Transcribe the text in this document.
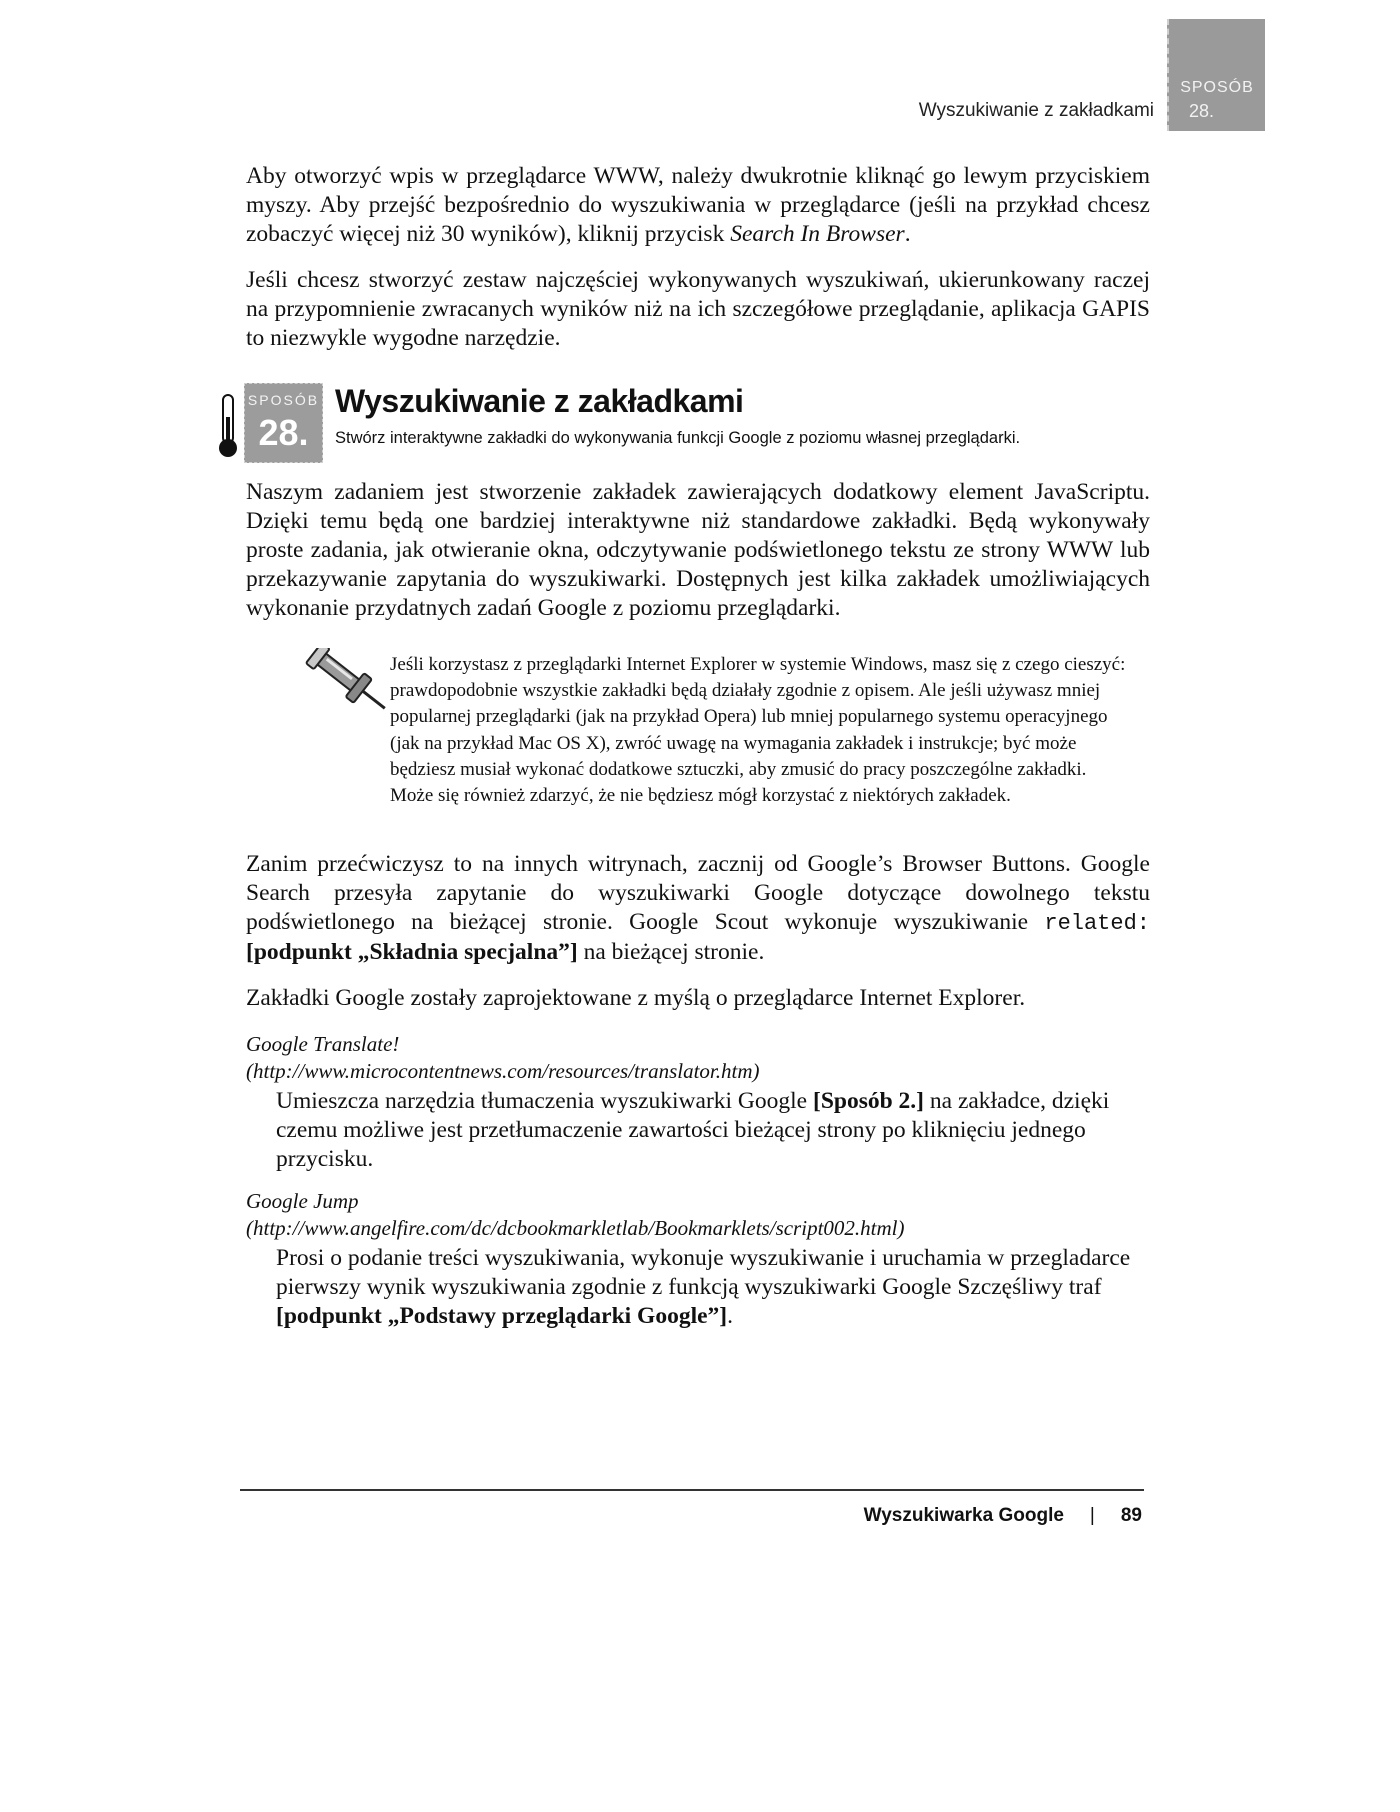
SPOSÓB
28.
Wyszukiwanie z zakładkami

Aby otworzyć wpis w przeglądarce WWW, należy dwukrotnie kliknąć go lewym przyciskiem myszy. Aby przejść bezpośrednio do wyszukiwania w przeglądarce (jeśli na przykład chcesz zobaczyć więcej niż 30 wyników), kliknij przycisk Search In Browser.

Jeśli chcesz stworzyć zestaw najczęściej wykonywanych wyszukiwań, ukierunkowany raczej na przypomnienie zwracanych wyników niż na ich szczegółowe przeglądanie, aplikacja GAPIS to niezwykle wygodne narzędzie.

SPOSÓB
28.
Wyszukiwanie z zakładkami
Stwórz interaktywne zakładki do wykonywania funkcji Google z poziomu własnej przeglądarki.

Naszym zadaniem jest stworzenie zakładek zawierających dodatkowy element JavaScriptu. Dzięki temu będą one bardziej interaktywne niż standardowe zakładki. Będą wykonywały proste zadania, jak otwieranie okna, odczytywanie podświetlonego tekstu ze strony WWW lub przekazywanie zapytania do wyszukiwarki. Dostępnych jest kilka zakładek umożliwiających wykonanie przydatnych zadań Google z poziomu przeglądarki.

Jeśli korzystasz z przeglądarki Internet Explorer w systemie Windows, masz się z czego cieszyć: prawdopodobnie wszystkie zakładki będą działały zgodnie z opisem. Ale jeśli używasz mniej popularnej przeglądarki (jak na przykład Opera) lub mniej popularnego systemu operacyjnego (jak na przykład Mac OS X), zwróć uwagę na wymagania zakładek i instrukcje; być może będziesz musiał wykonać dodatkowe sztuczki, aby zmusić do pracy poszczególne zakładki. Może się również zdarzyć, że nie będziesz mógł korzystać z niektórych zakładek.

Zanim przećwiczysz to na innych witrynach, zacznij od Google’s Browser Buttons. Google Search przesyła zapytanie do wyszukiwarki Google dotyczące dowolnego tekstu podświetlonego na bieżącej stronie. Google Scout wykonuje wyszukiwanie related: [podpunkt „Składnia specjalna”] na bieżącej stronie.

Zakładki Google zostały zaprojektowane z myślą o przeglądarce Internet Explorer.

Google Translate!
(http://www.microcontentnews.com/resources/translator.htm)

Umieszcza narzędzia tłumaczenia wyszukiwarki Google [Sposób 2.] na zakładce, dzięki czemu możliwe jest przetłumaczenie zawartości bieżącej strony po kliknięciu jednego przycisku.

Google Jump
(http://www.angelfire.com/dc/dcbookmarkletlab/Bookmarklets/script002.html)

Prosi o podanie treści wyszukiwania, wykonuje wyszukiwanie i uruchamia w przegladarce pierwszy wynik wyszukiwania zgodnie z funkcją wyszukiwarki Google Szczęśliwy traf [podpunkt „Podstawy przeglądarki Google”].

Wyszukiwarka Google | 89
